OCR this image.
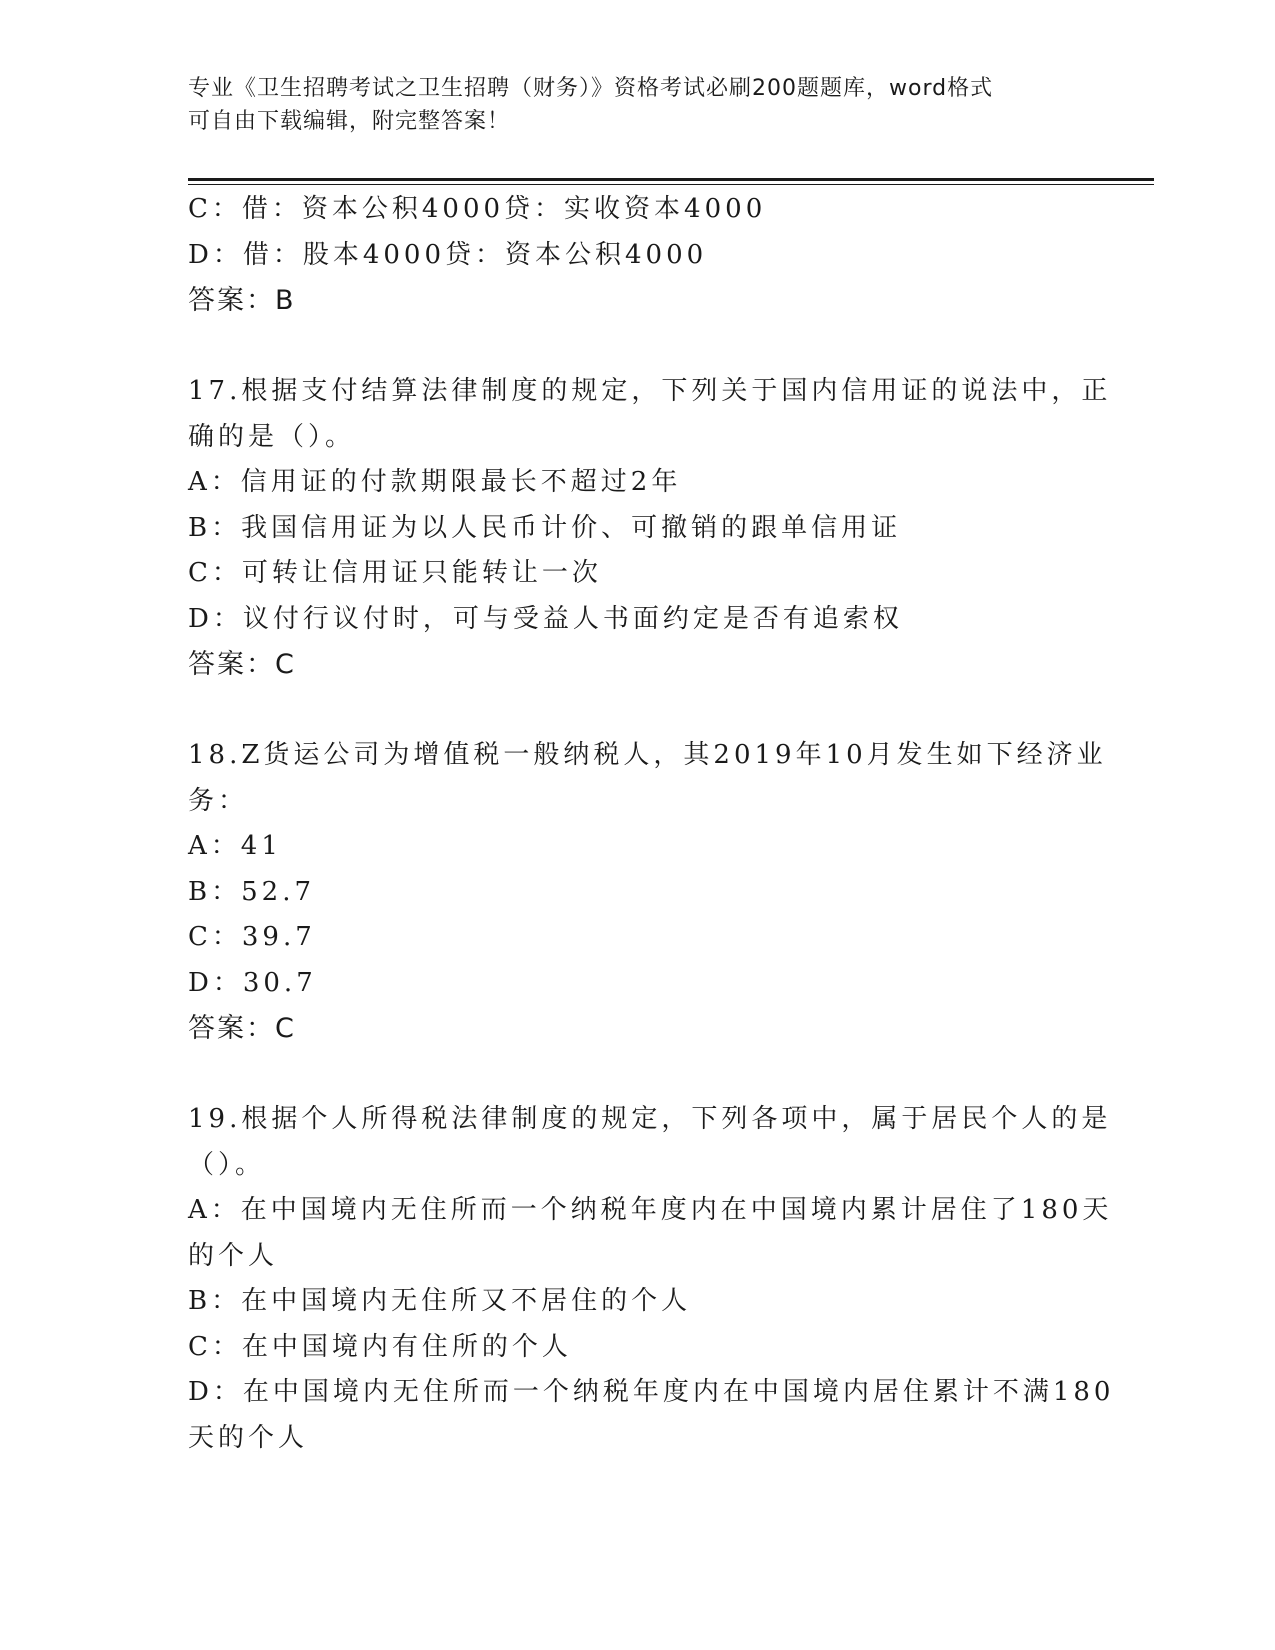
专业《卫生招聘考试之卫生招聘（财务）》资格考试必刷200题题库，word格式
可自由下载编辑，附完整答案！
C：借：资本公积4000贷：实收资本4000
D：借：股本4000贷：资本公积4000
答案：B
17.根据支付结算法律制度的规定，下列关于国内信用证的说法中，正
确的是（）。
A：信用证的付款期限最长不超过2年
B：我国信用证为以人民币计价、可撤销的跟单信用证
C：可转让信用证只能转让一次
D：议付行议付时，可与受益人书面约定是否有追索权
答案：C
18.Z货运公司为增值税一般纳税人，其2019年10月发生如下经济业
务：
A：41
B：52.7
C：39.7
D：30.7
答案：C
19.根据个人所得税法律制度的规定，下列各项中，属于居民个人的是
（）。
A：在中国境内无住所而一个纳税年度内在中国境内累计居住了180天
的个人
B：在中国境内无住所又不居住的个人
C：在中国境内有住所的个人
D：在中国境内无住所而一个纳税年度内在中国境内居住累计不满180
天的个人
